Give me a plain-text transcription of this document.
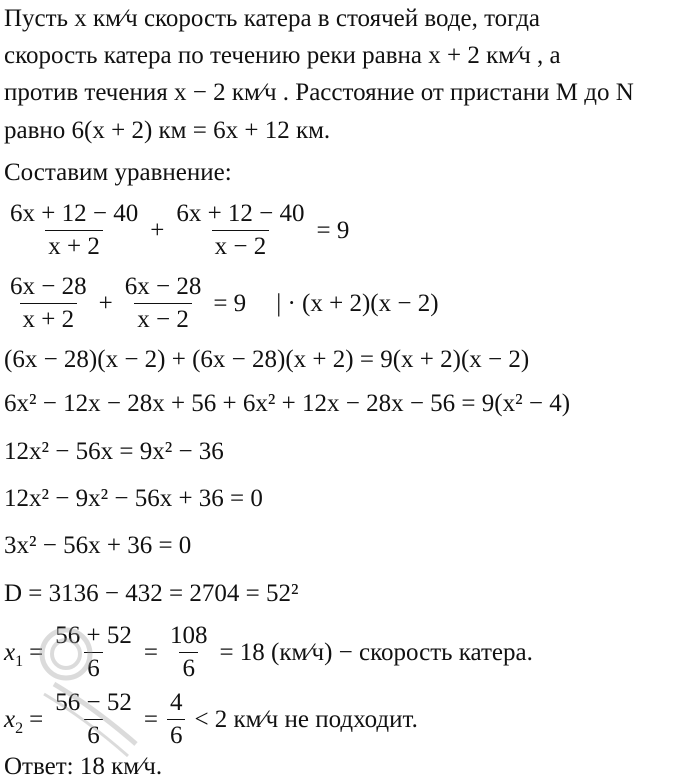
Пусть x км⁄ч скорость катера в стоячей воде, тогда
скорость катера по течению реки равна x + 2 км⁄ч , а
против течения x − 2 км⁄ч . Расстояние от пристани M до N
равно 6(x + 2) км = 6x + 12 км.
Составим уравнение:
$\frac{6x + 12 - 40}{x + 2} + \frac{6x + 12 - 40}{x - 2} = 9$
$\frac{6x - 28}{x + 2} + \frac{6x - 28}{x - 2} = 9$ | · (x + 2)(x − 2)
(6x − 28)(x − 2) + (6x − 28)(x + 2) = 9(x + 2)(x − 2)
6x² − 12x − 28x + 56 + 6x² + 12x − 28x − 56 = 9(x² − 4)
12x² − 56x = 9x² − 36
12x² − 9x² − 56x + 36 = 0
3x² − 56x + 36 = 0
D = 3136 − 432 = 2704 = 52²
x $1 = \frac{56 + 52}{6} = \frac{108}{6} = 18$ (км⁄ч) − скорость катера.
x $2 = \frac{56 - 52}{6} = \frac{4}{6} < 2$ км⁄ч не подходит.
Ответ: 18 км⁄ч.
